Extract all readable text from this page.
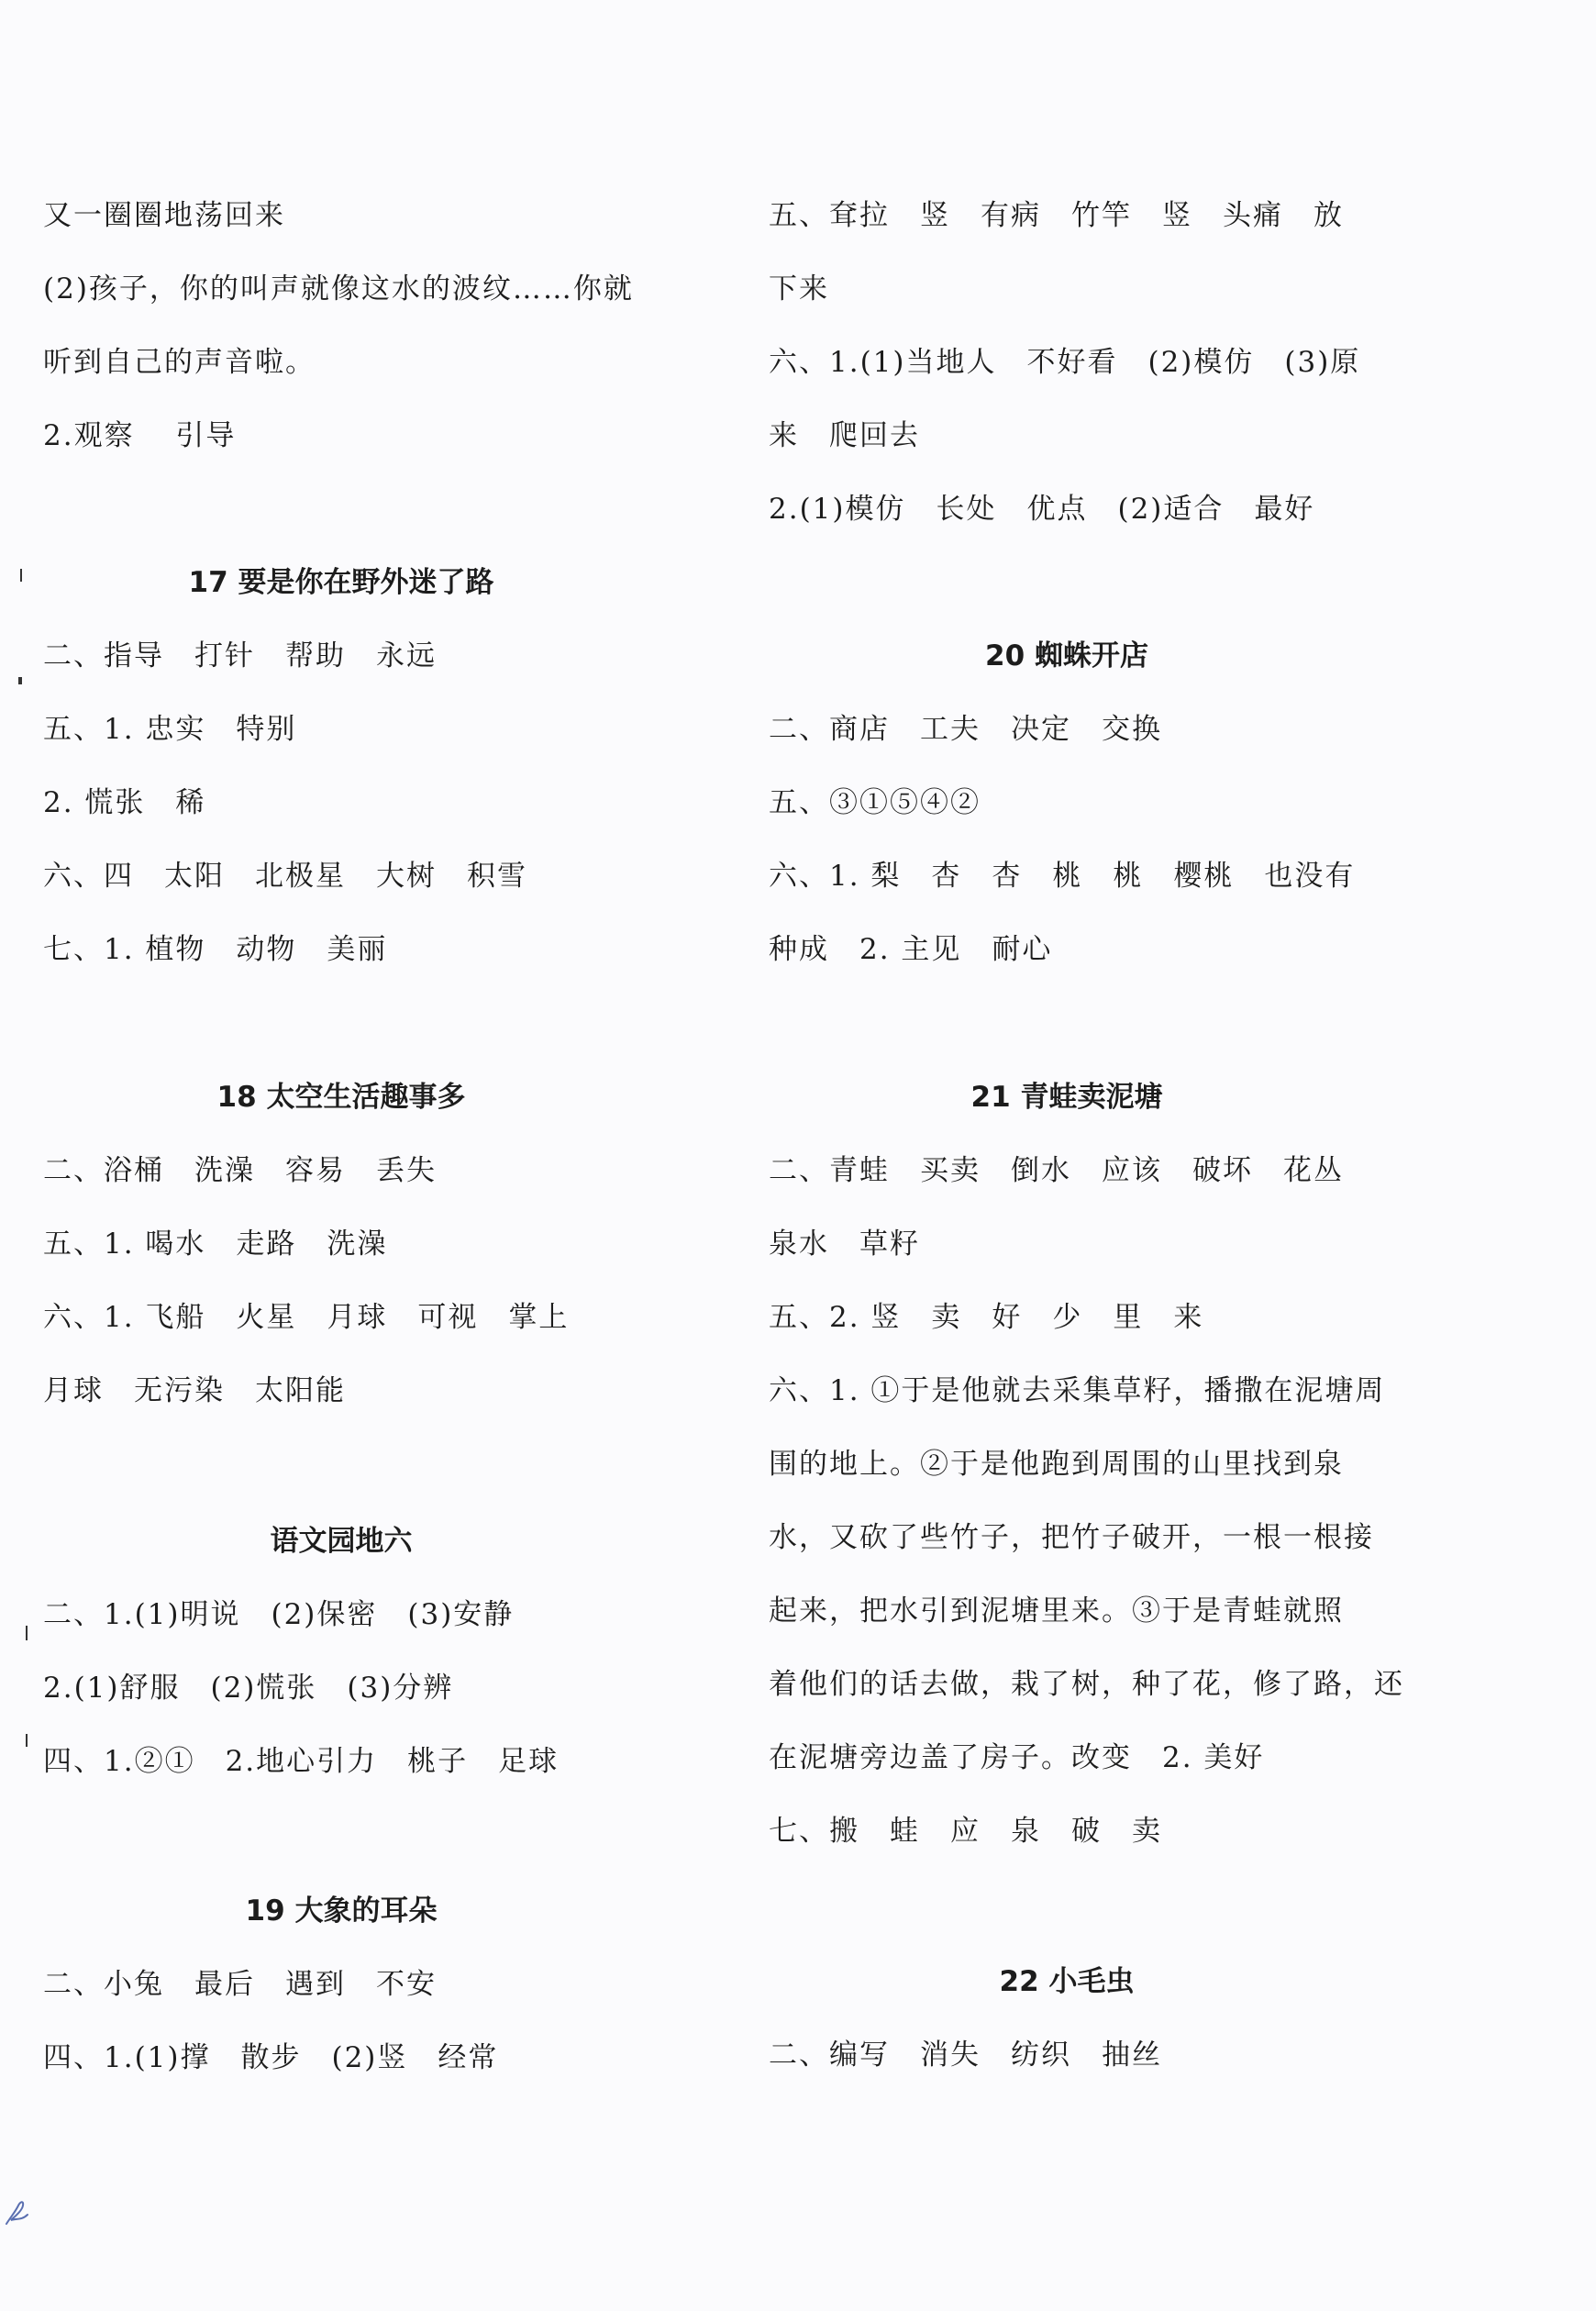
又一圈圈地荡回来
(2)孩子，你的叫声就像这水的波纹……你就
听到自己的声音啦。
2.观察　 引导
17 要是你在野外迷了路
二、指导　打针　帮助　永远
五、1. 忠实　特别
2. 慌张　稀
六、四　太阳　北极星　大树　积雪
七、1. 植物　动物　美丽
18 太空生活趣事多
二、浴桶　洗澡　容易　丢失
五、1. 喝水　走路　洗澡
六、1. 飞船　火星　月球　可视　掌上
月球　无污染　太阳能
语文园地六
二、1.(1)明说　(2)保密　(3)安静
2.(1)舒服　(2)慌张　(3)分辨
四、1.②①　2.地心引力　桃子　足球
19 大象的耳朵
二、小兔　最后　遇到　不安
四、1.(1)撑　散步　(2)竖　经常
五、耷拉　竖　有病　竹竿　竖　头痛　放
下来
六、1.(1)当地人　不好看　(2)模仿　(3)原
来　爬回去
2.(1)模仿　长处　优点　(2)适合　最好
20 蜘蛛开店
二、商店　工夫　决定　交换
五、③①⑤④②
六、1. 梨　杏　杏　桃　桃　樱桃　也没有
种成　2. 主见　耐心
21 青蛙卖泥塘
二、青蛙　买卖　倒水　应该　破坏　花丛
泉水　草籽
五、2. 竖　卖　好　少　里　来
六、1. ①于是他就去采集草籽，播撒在泥塘周
围的地上。②于是他跑到周围的山里找到泉
水，又砍了些竹子，把竹子破开，一根一根接
起来，把水引到泥塘里来。③于是青蛙就照
着他们的话去做，栽了树，种了花，修了路，还
在泥塘旁边盖了房子。改变　2. 美好
七、搬　蛙　应　泉　破　卖
22 小毛虫
二、编写　消失　纺织　抽丝
